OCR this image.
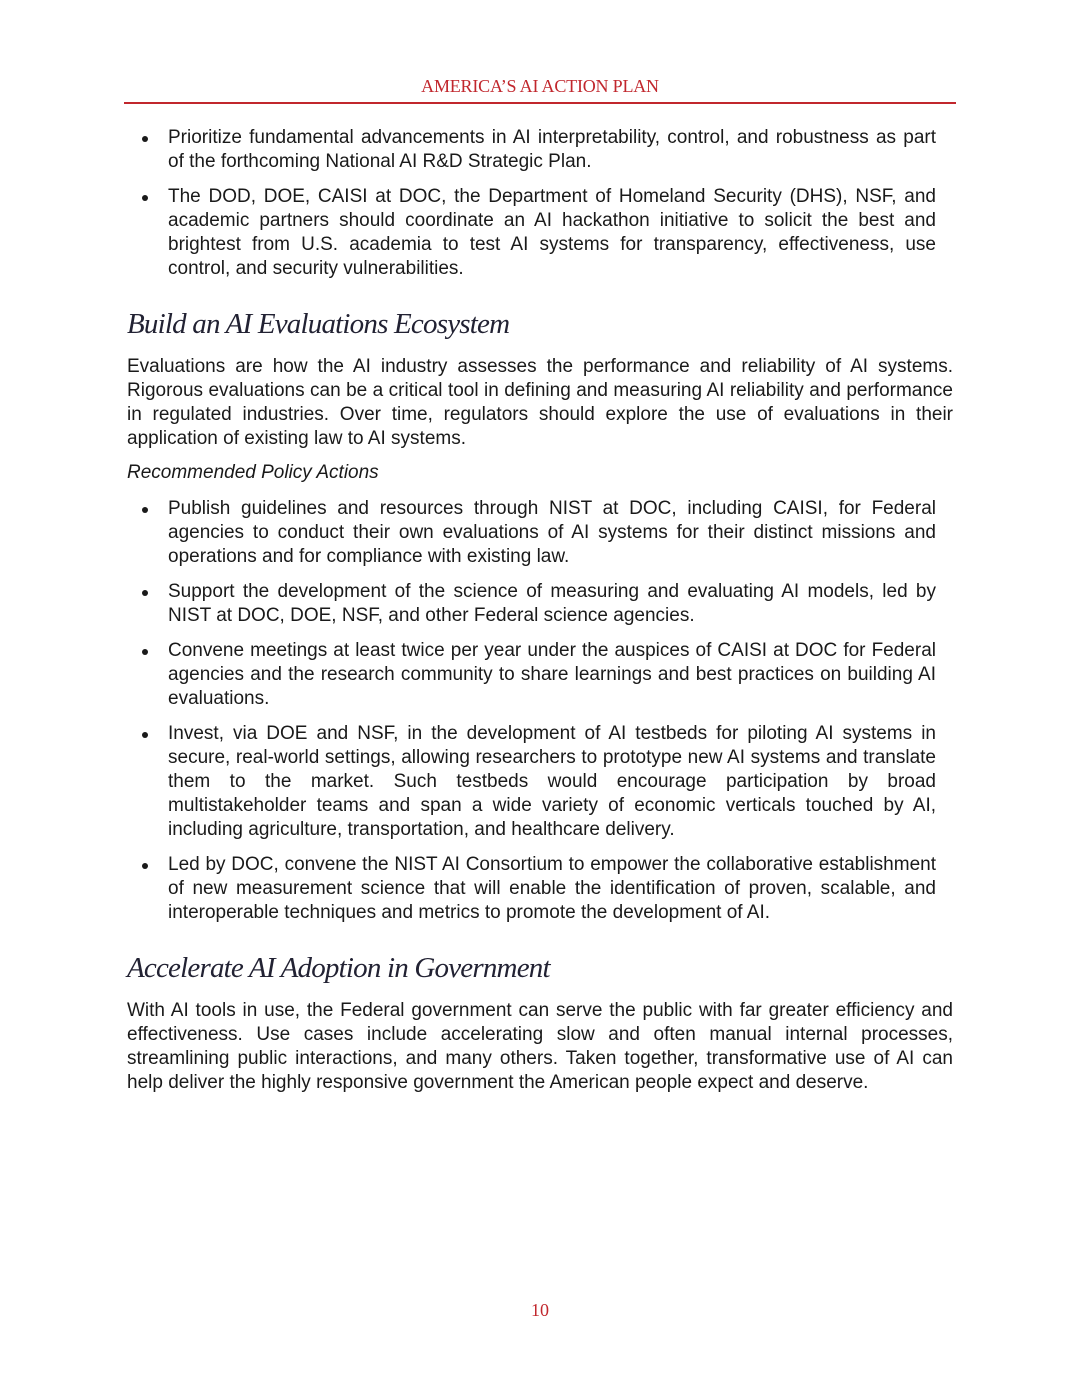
AMERICA’S AI ACTION PLAN
Prioritize fundamental advancements in AI interpretability, control, and robustness as part of the forthcoming National AI R&D Strategic Plan.
The DOD, DOE, CAISI at DOC, the Department of Homeland Security (DHS), NSF, and academic partners should coordinate an AI hackathon initiative to solicit the best and brightest from U.S. academia to test AI systems for transparency, effectiveness, use control, and security vulnerabilities.
Build an AI Evaluations Ecosystem

Evaluations are how the AI industry assesses the performance and reliability of AI systems. Rigorous evaluations can be a critical tool in defining and measuring AI reliability and performance in regulated industries. Over time, regulators should explore the use of evaluations in their application of existing law to AI systems.

Recommended Policy Actions

Publish guidelines and resources through NIST at DOC, including CAISI, for Federal agencies to conduct their own evaluations of AI systems for their distinct missions and operations and for compliance with existing law.
Support the development of the science of measuring and evaluating AI models, led by NIST at DOC, DOE, NSF, and other Federal science agencies.
Convene meetings at least twice per year under the auspices of CAISI at DOC for Federal agencies and the research community to share learnings and best practices on building AI evaluations.
Invest, via DOE and NSF, in the development of AI testbeds for piloting AI systems in secure, real-world settings, allowing researchers to prototype new AI systems and translate them to the market. Such testbeds would encourage participation by broad multistakeholder teams and span a wide variety of economic verticals touched by AI, including agriculture, transportation, and healthcare delivery.
Led by DOC, convene the NIST AI Consortium to empower the collaborative establishment of new measurement science that will enable the identification of proven, scalable, and interoperable techniques and metrics to promote the development of AI.
Accelerate AI Adoption in Government

With AI tools in use, the Federal government can serve the public with far greater efficiency and effectiveness. Use cases include accelerating slow and often manual internal processes, streamlining public interactions, and many others. Taken together, transformative use of AI can help deliver the highly responsive government the American people expect and deserve.

10
